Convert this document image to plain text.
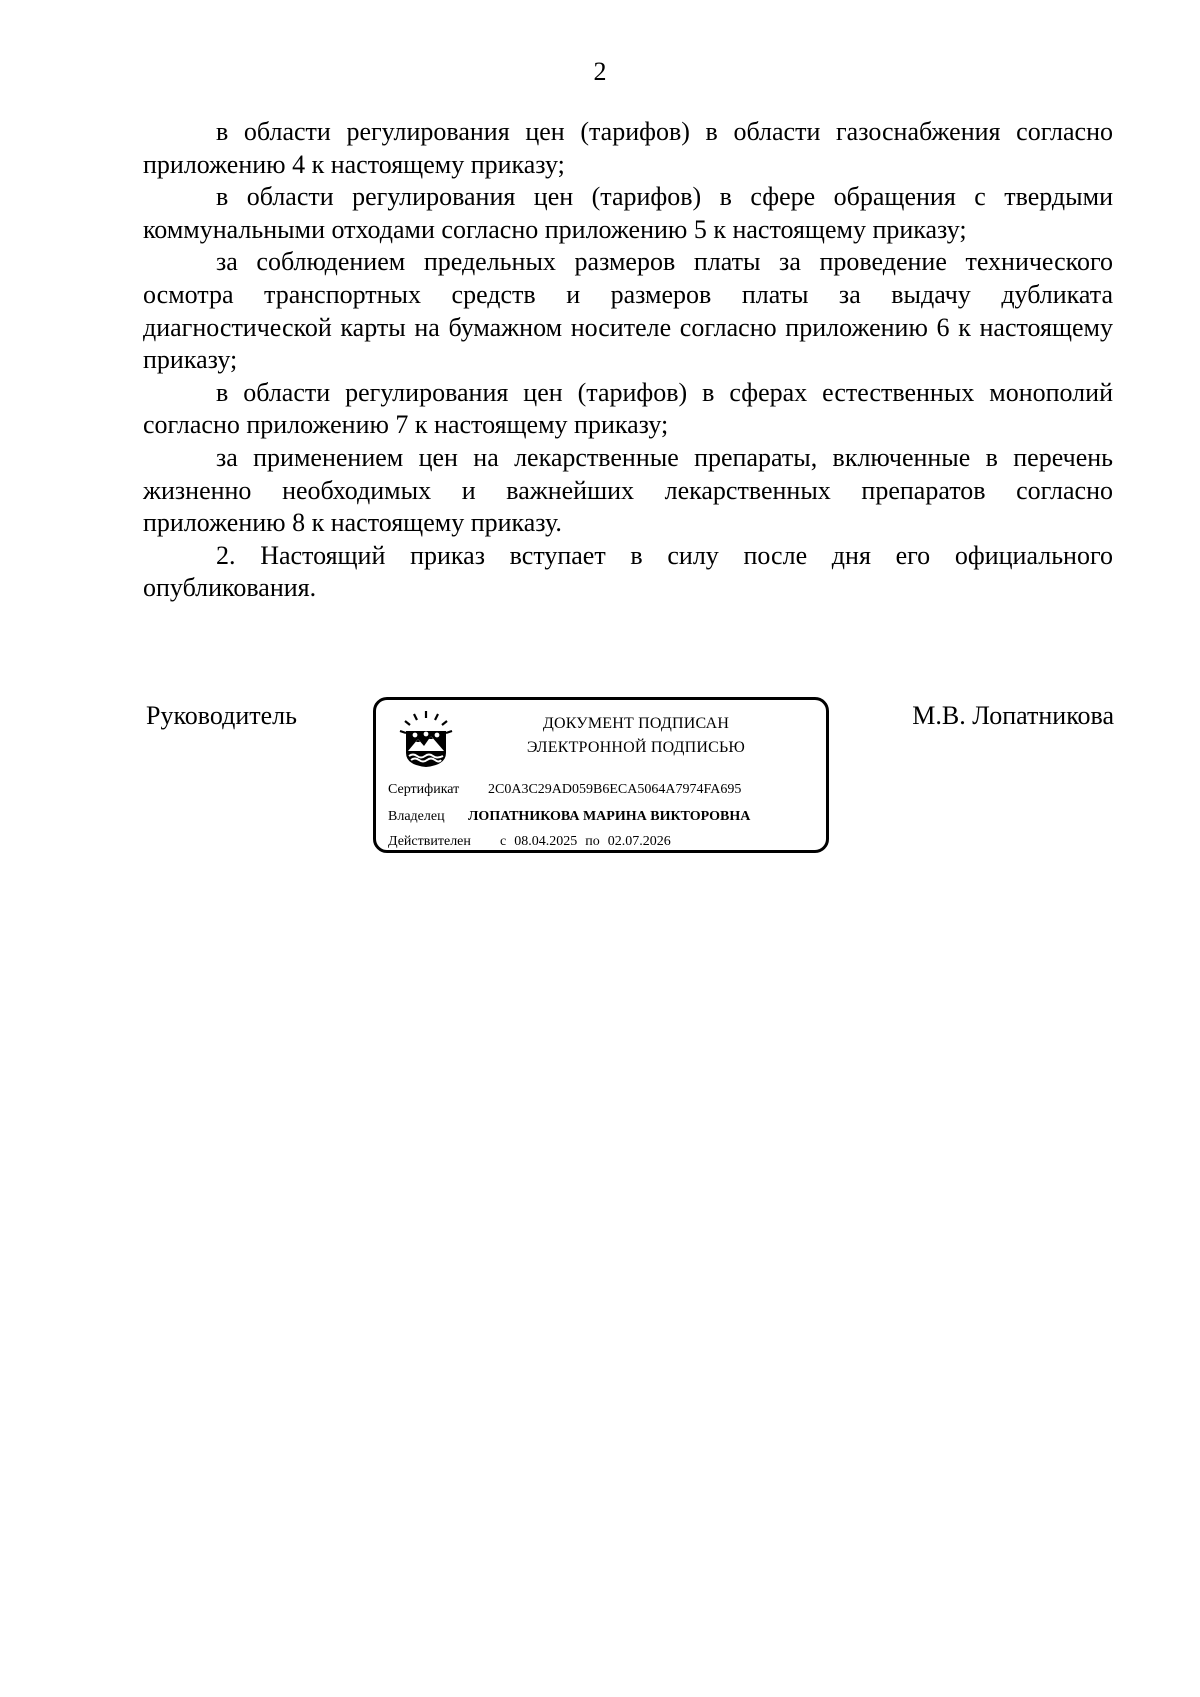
2

в области регулирования цен (тарифов) в области газоснабжения согласно приложению 4 к настоящему приказу;

в области регулирования цен (тарифов) в сфере обращения с твердыми коммунальными отходами согласно приложению 5 к настоящему приказу;

за соблюдением предельных размеров платы за проведение технического осмотра транспортных средств и размеров платы за выдачу дубликата диагностической карты на бумажном носителе согласно приложению 6 к настоящему приказу;

в области регулирования цен (тарифов) в сферах естественных монополий согласно приложению 7 к настоящему приказу;

за применением цен на лекарственные препараты, включенные в перечень жизненно необходимых и важнейших лекарственных препаратов согласно приложению 8 к настоящему приказу.

2. Настоящий приказ вступает в силу после дня его официального опубликования.

Руководитель	ДОКУМЕНТ ПОДПИСАН
ЭЛЕКТРОННОЙ ПОДПИСЬЮ
Сертификат 2C0A3C29AD059B6ECA5064A7974FA695
Владелец ЛОПАТНИКОВА МАРИНА ВИКТОРОВНА
Действителен с 08.04.2025 по 02.07.2026
М.В. Лопатникова
